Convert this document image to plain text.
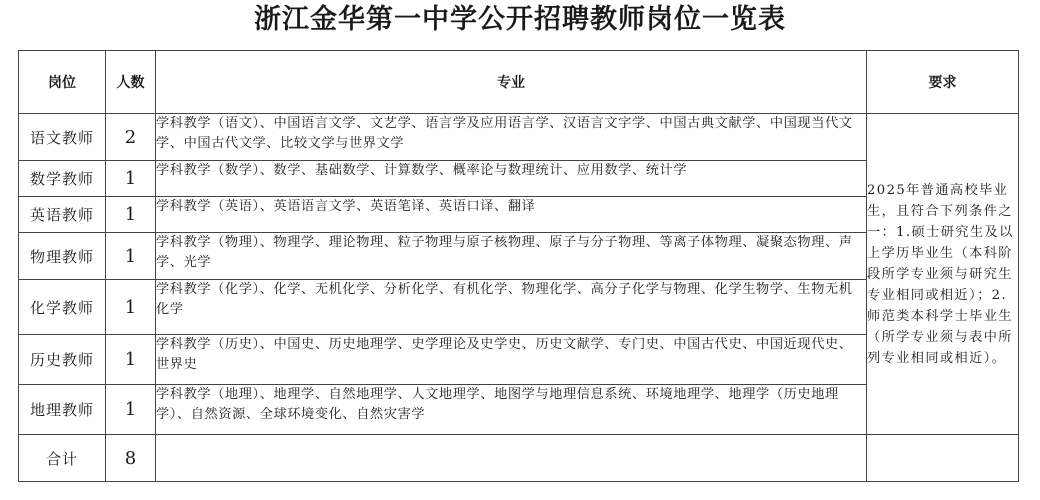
浙江金华第一中学公开招聘教师岗位一览表
岗位	人数	专业	要求
语文教师	2	学科教学（语文）、中国语言文学、文艺学、语言学及应用语言学、汉语言文字学、中国古典文献学、中国现当代文学、中国古代文学、比较文学与世界文学	2025年普通高校毕业生，且符合下列条件之一：1.硕士研究生及以上学历毕业生（本科阶段所学专业须与研究生专业相同或相近）；2.师范类本科学士毕业生（所学专业须与表中所列专业相同或相近）。
数学教师	1	学科教学（数学）、数学、基础数学、计算数学、概率论与数理统计、应用数学、统计学	
英语教师	1	学科教学（英语）、英语语言文学、英语笔译、英语口译、翻译	
物理教师	1	学科教学（物理）、物理学、理论物理、粒子物理与原子核物理、原子与分子物理、等离子体物理、凝聚态物理、声学、光学	
化学教师	1	学科教学（化学）、化学、无机化学、分析化学、有机化学、物理化学、高分子化学与物理、化学生物学、生物无机化学	
历史教师	1	学科教学（历史）、中国史、历史地理学、史学理论及史学史、历史文献学、专门史、中国古代史、中国近现代史、世界史	
地理教师	1	学科教学（地理）、地理学、自然地理学、人文地理学、地图学与地理信息系统、环境地理学、地理学（历史地理学）、自然资源、全球环境变化、自然灾害学	
合计	8		
